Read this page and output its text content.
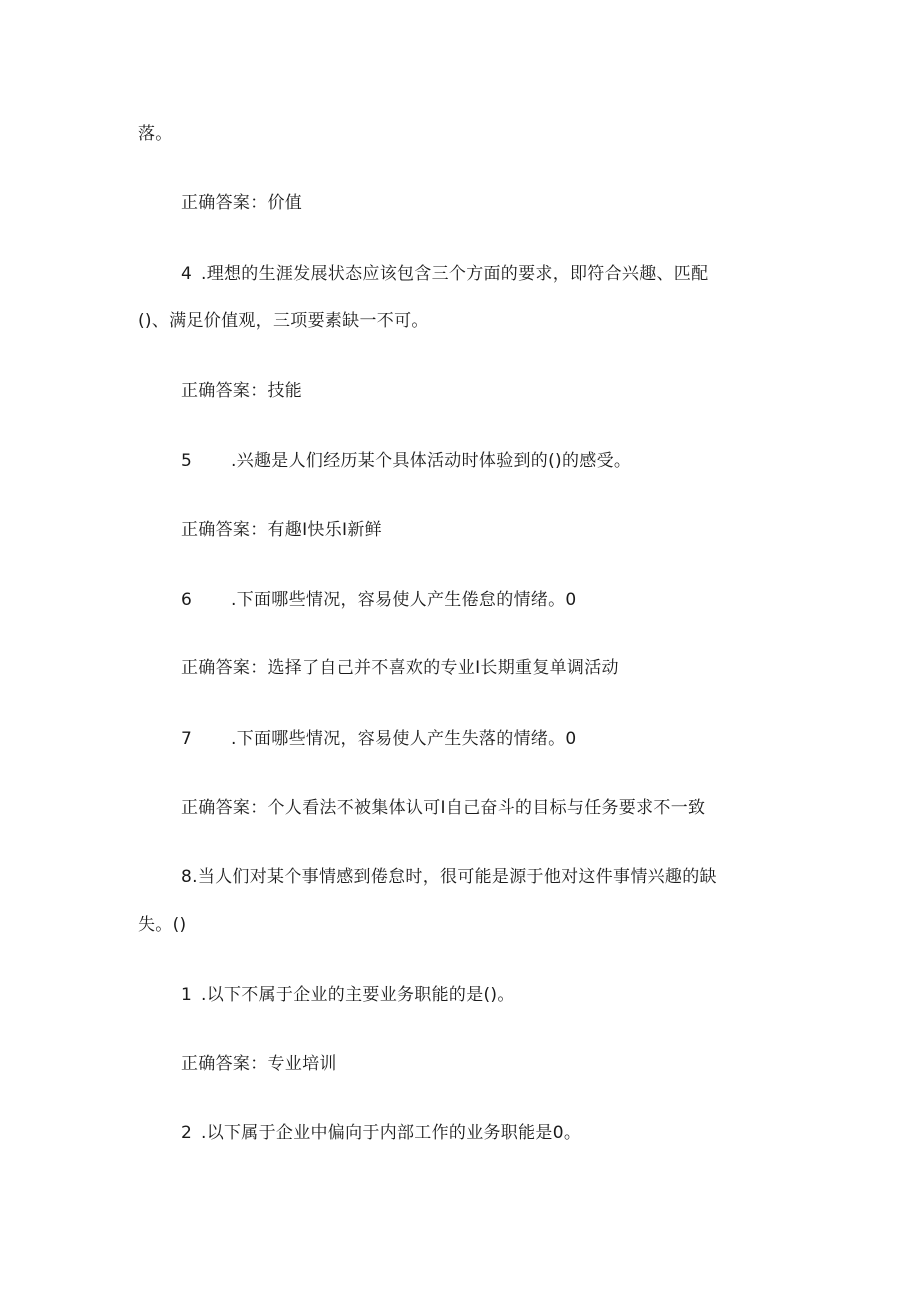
落。
正确答案：价值
4 .理想的生涯发展状态应该包含三个方面的要求，即符合兴趣、匹配
()、满足价值观，三项要素缺一不可。
正确答案：技能
5 .兴趣是人们经历某个具体活动时体验到的()的感受。
正确答案：有趣I快乐I新鲜
6 .下面哪些情况，容易使人产生倦怠的情绪。0
正确答案：选择了自己并不喜欢的专业I长期重复单调活动
7 .下面哪些情况，容易使人产生失落的情绪。0
正确答案：个人看法不被集体认可I自己奋斗的目标与任务要求不一致
8.当人们对某个事情感到倦怠时，很可能是源于他对这件事情兴趣的缺
失。()
1 .以下不属于企业的主要业务职能的是()。
正确答案：专业培训
2 .以下属于企业中偏向于内部工作的业务职能是0。
